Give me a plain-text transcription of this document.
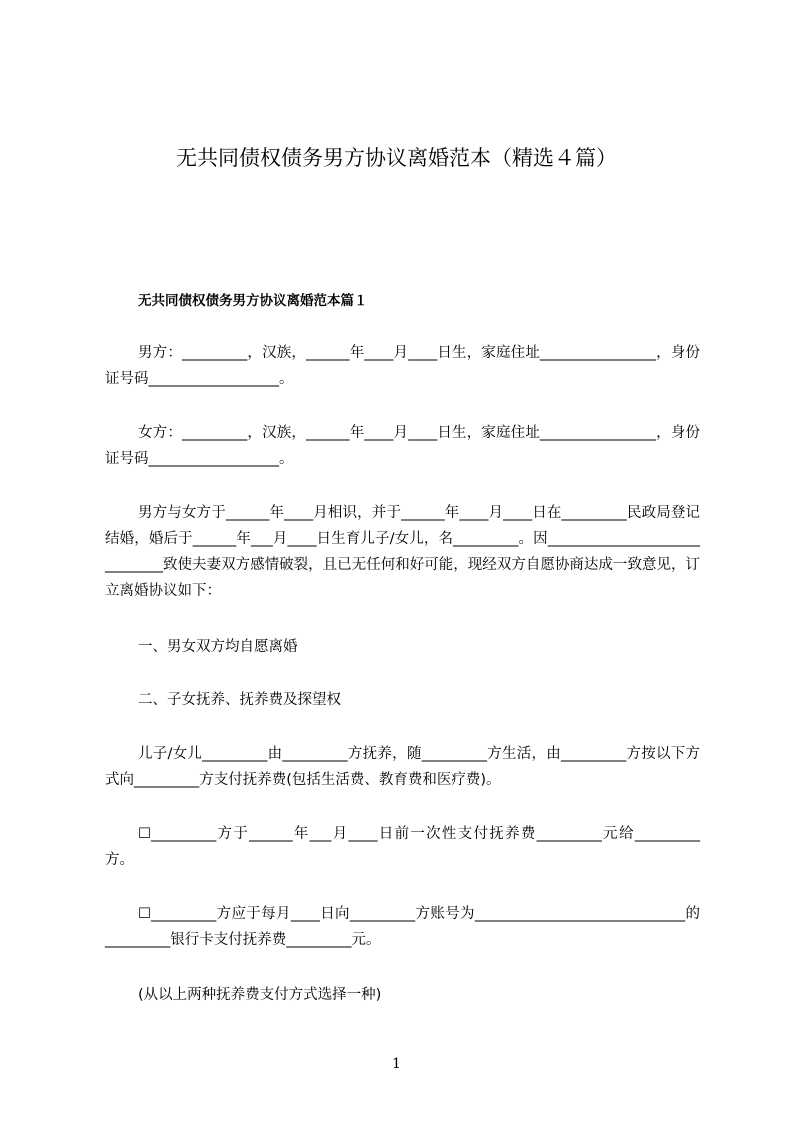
无共同债权债务男方协议离婚范本（精选４篇）
无共同债权债务男方协议离婚范本篇１
男方：_________，汉族，______年____月____日生，家庭住址________________，身份证号码__________________。
女方：_________，汉族，______年____月____日生，家庭住址________________，身份证号码__________________。
男方与女方于______年____月相识，并于______年____月____日在_________民政局登记结婚，婚后于______年___月____日生育儿子/女儿，名_________。因_____________________________致使夫妻双方感情破裂，且已无任何和好可能，现经双方自愿协商达成一致意见，订立离婚协议如下：
一、男女双方均自愿离婚
二、子女抚养、抚养费及探望权
儿子/女儿_________由_________方抚养，随_________方生活，由_________方按以下方式向_________方支付抚养费(包括生活费、教育费和医疗费)。
☐_________方于______年___月____日前一次性支付抚养费_________元给_________方。
☐_________方应于每月____日向_________方账号为_____________________________的_________银行卡支付抚养费_________元。
(从以上两种抚养费支付方式选择一种)
1
